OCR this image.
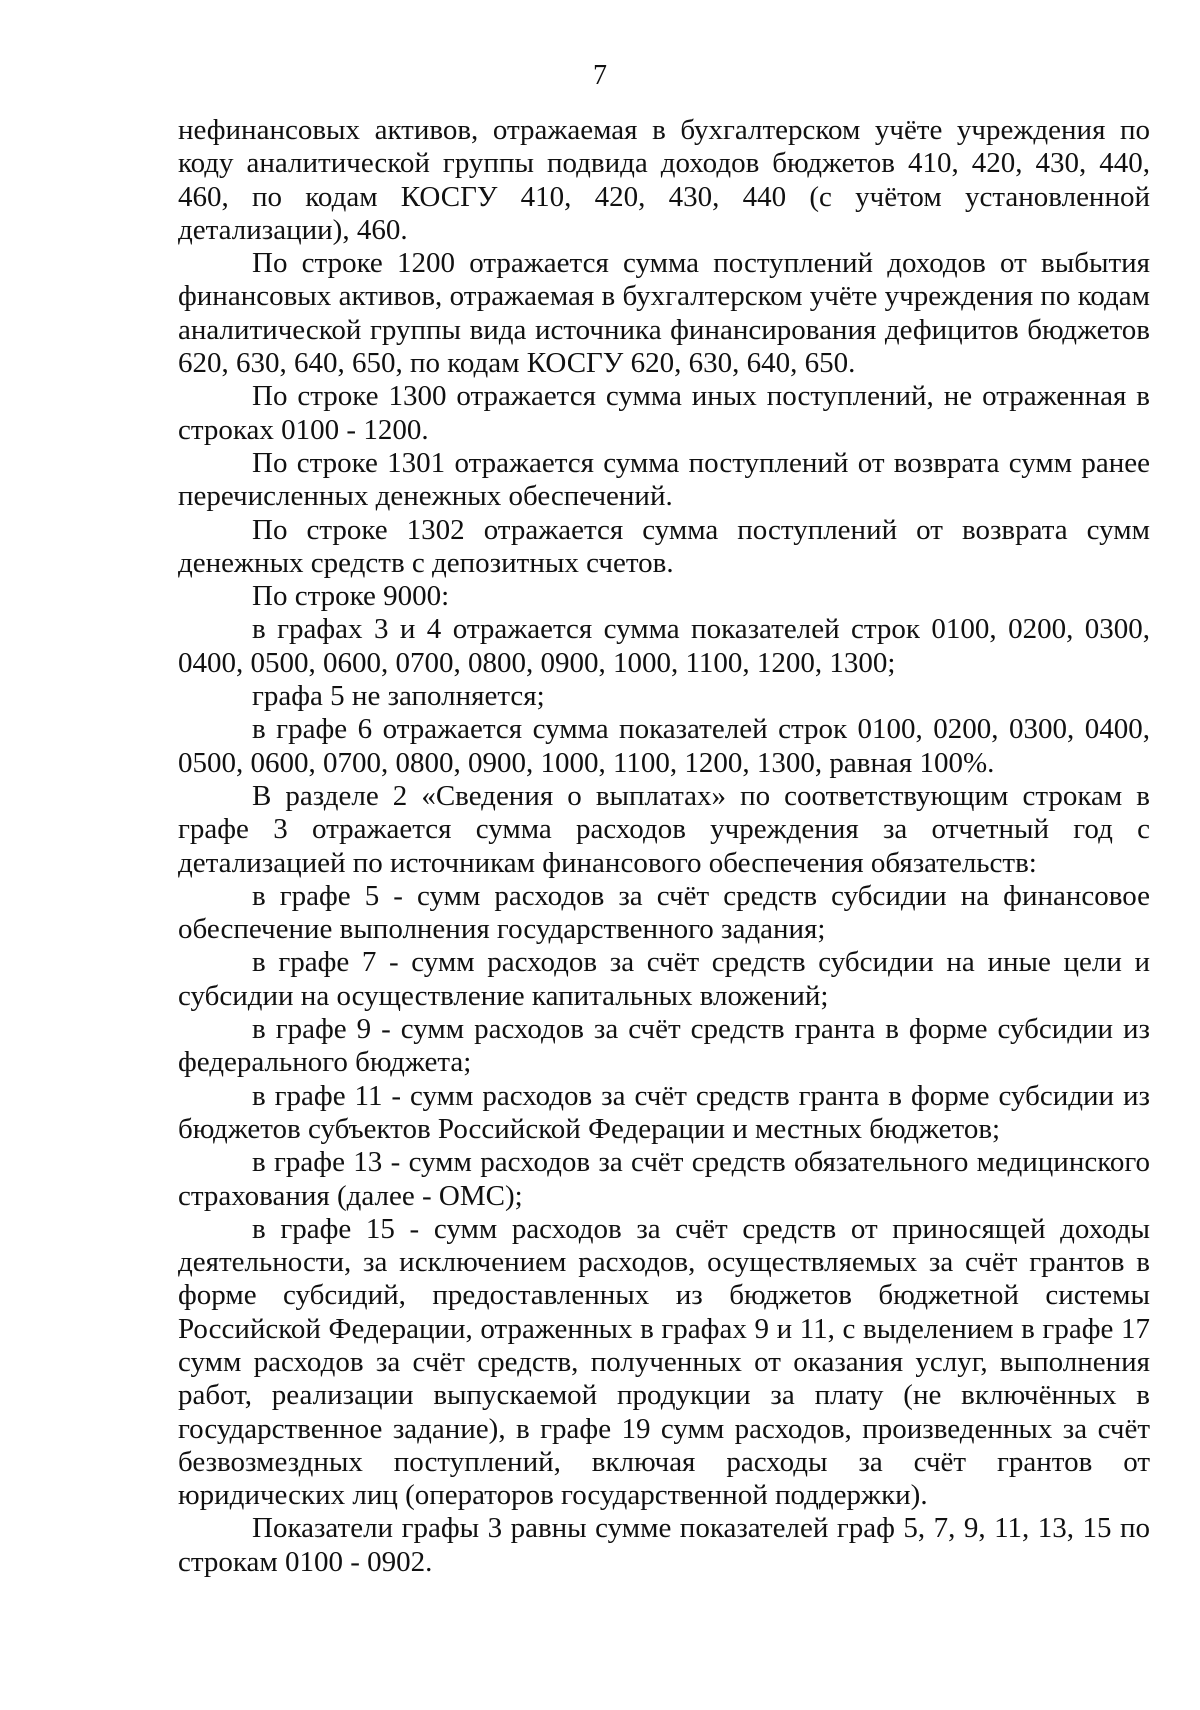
7

нефинансовых активов, отражаемая в бухгалтерском учёте учреждения по коду аналитической группы подвида доходов бюджетов 410, 420, 430, 440, 460, по кодам КОСГУ 410, 420, 430, 440 (с учётом установленной детализации), 460.

По строке 1200 отражается сумма поступлений доходов от выбытия финансовых активов, отражаемая в бухгалтерском учёте учреждения по кодам аналитической группы вида источника финансирования дефицитов бюджетов 620, 630, 640, 650, по кодам КОСГУ 620, 630, 640, 650.

По строке 1300 отражается сумма иных поступлений, не отраженная в строках 0100 - 1200.

По строке 1301 отражается сумма поступлений от возврата сумм ранее перечисленных денежных обеспечений.

По строке 1302 отражается сумма поступлений от возврата сумм денежных средств с депозитных счетов.

По строке 9000:

в графах 3 и 4 отражается сумма показателей строк 0100, 0200, 0300, 0400, 0500, 0600, 0700, 0800, 0900, 1000, 1100, 1200, 1300;

графа 5 не заполняется;

в графе 6 отражается сумма показателей строк 0100, 0200, 0300, 0400, 0500, 0600, 0700, 0800, 0900, 1000, 1100, 1200, 1300, равная 100%.

В разделе 2 «Сведения о выплатах» по соответствующим строкам в графе 3 отражается сумма расходов учреждения за отчетный год с детализацией по источникам финансового обеспечения обязательств:

в графе 5 - сумм расходов за счёт средств субсидии на финансовое обеспечение выполнения государственного задания;

в графе 7 - сумм расходов за счёт средств субсидии на иные цели и субсидии на осуществление капитальных вложений;

в графе 9 - сумм расходов за счёт средств гранта в форме субсидии из федерального бюджета;

в графе 11 - сумм расходов за счёт средств гранта в форме субсидии из бюджетов субъектов Российской Федерации и местных бюджетов;

в графе 13 - сумм расходов за счёт средств обязательного медицинского страхования (далее - ОМС);

в графе 15 - сумм расходов за счёт средств от приносящей доходы деятельности, за исключением расходов, осуществляемых за счёт грантов в форме субсидий, предоставленных из бюджетов бюджетной системы Российской Федерации, отраженных в графах 9 и 11, с выделением в графе 17 сумм расходов за счёт средств, полученных от оказания услуг, выполнения работ, реализации выпускаемой продукции за плату (не включённых в государственное задание), в графе 19 сумм расходов, произведенных за счёт безвозмездных поступлений, включая расходы за счёт грантов от юридических лиц (операторов государственной поддержки).

Показатели графы 3 равны сумме показателей граф 5, 7, 9, 11, 13, 15 по строкам 0100 - 0902.
